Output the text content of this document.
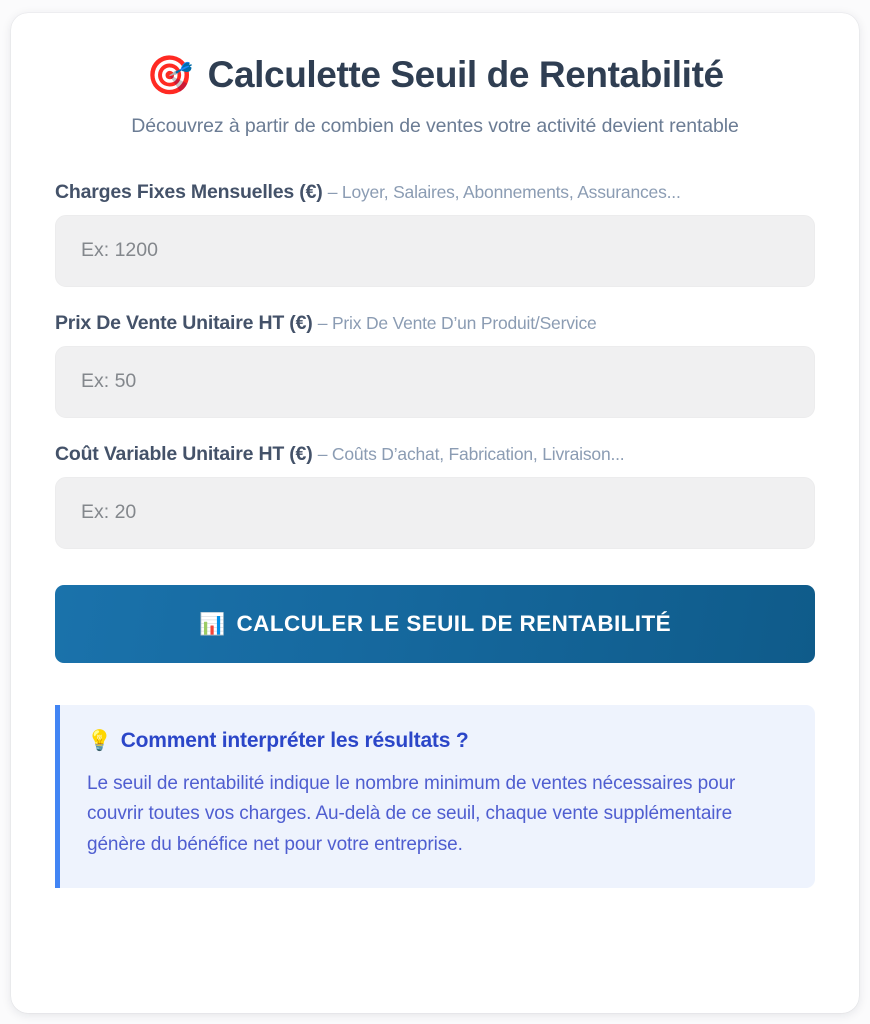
🎯 Calculette Seuil de Rentabilité
Découvrez à partir de combien de ventes votre activité devient rentable
Charges Fixes Mensuelles (€) – Loyer, Salaires, Abonnements, Assurances...
Ex: 1200
Prix De Vente Unitaire HT (€) – Prix De Vente D’un Produit/Service
Ex: 50
Coût Variable Unitaire HT (€) – Coûts D’achat, Fabrication, Livraison...
Ex: 20
📊 CALCULER LE SEUIL DE RENTABILITÉ
💡 Comment interpréter les résultats ?
Le seuil de rentabilité indique le nombre minimum de ventes nécessaires pour couvrir toutes vos charges. Au-delà de ce seuil, chaque vente supplémentaire génère du bénéfice net pour votre entreprise.
